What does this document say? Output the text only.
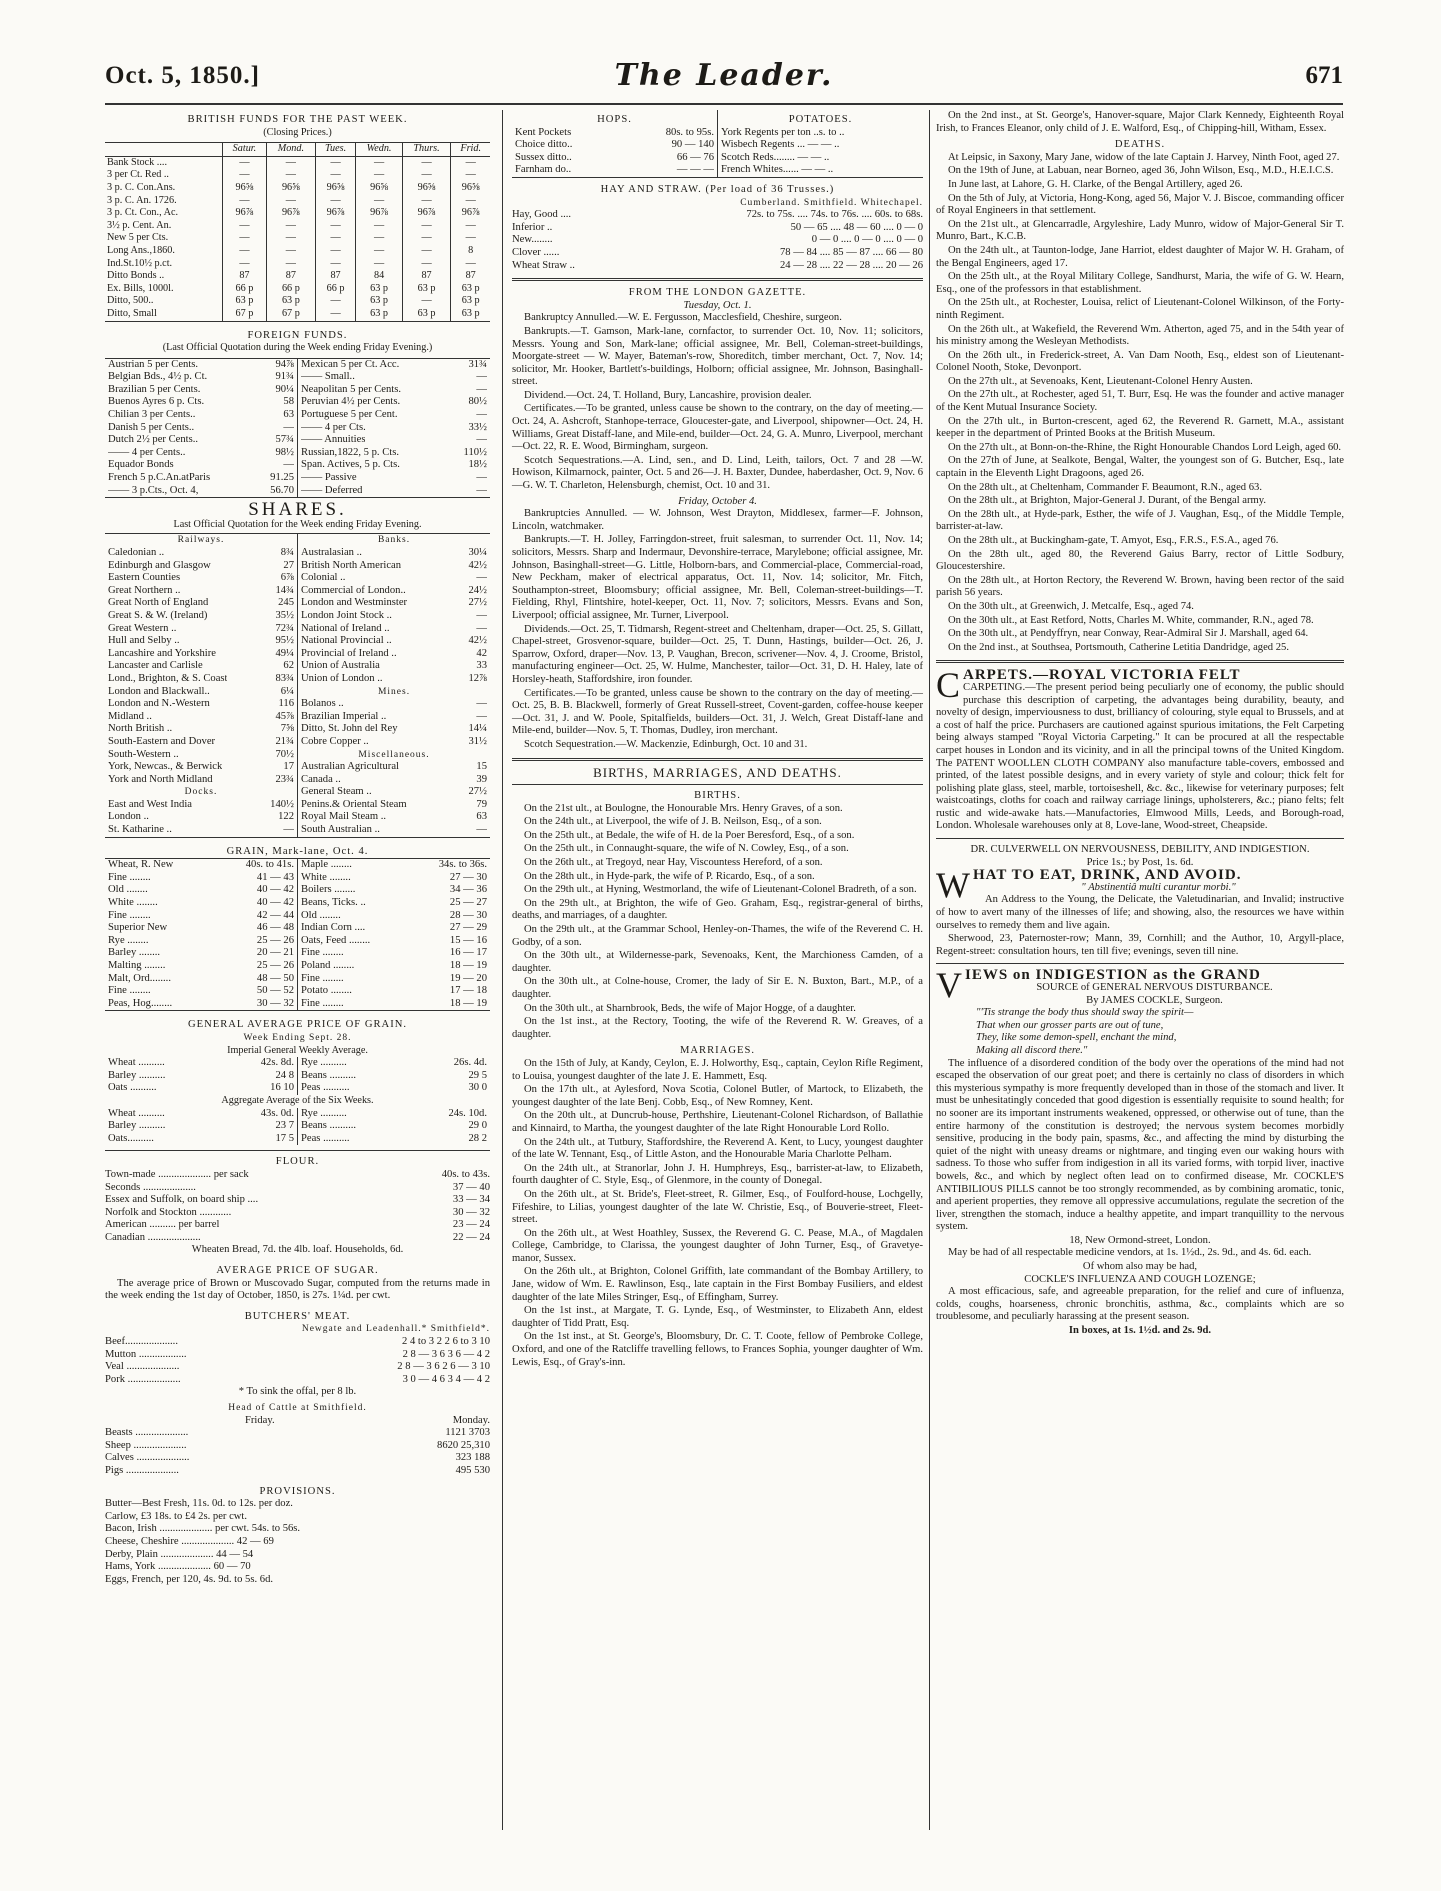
Oct. 5, 1850.]	The Leader.	671
BRITISH FUNDS FOR THE PAST WEEK.
(Closing Prices.)
	Satur.	Mond.	Tues.	Wedn.	Thurs.	Frid.
Bank Stock ....	—	—	—	—	—	—
3 per Ct. Red ..	—	—	—	—	—	—
3 p. C. Con.Ans.	96⅝	96⅝	96⅝	96⅝	96⅝	96⅝
3 p. C. An. 1726.	—	—	—	—	—	—
3 p. Ct. Con., Ac.	96⅞	96⅞	96⅞	96⅞	96⅞	96⅞
3½ p. Cent. An.	—	—	—	—	—	—
New 5 per Cts.	—	—	—	—	—	—
Long Ans.,1860.	—	—	—	—	—	8
Ind.St.10½ p.ct.	—	—	—	—	—	—
Ditto Bonds ..	87	87	87	84	87	87
Ex. Bills, 1000l.	66 p	66 p	66 p	63 p	63 p	63 p
Ditto, 500..	63 p	63 p	—	63 p	—	63 p
Ditto, Small	67 p	67 p	—	63 p	63 p	63 p
FOREIGN FUNDS.
(Last Official Quotation during the Week ending Friday Evening.)
Austrian 5 per Cents.	94⅞
Belgian Bds., 4½ p. Ct.	91¾
Brazilian 5 per Cents.	90¼
Buenos Ayres 6 p. Cts.	58
Chilian 3 per Cents..	63
Danish 5 per Cents..	—
Dutch 2½ per Cents..	57¾
—— 4 per Cents..	98½
Equador Bonds	—
French 5 p.C.An.atParis	91.25
—— 3 p.Cts., Oct. 4,	56.70
Mexican 5 per Ct. Acc.	31¾
—— Small..	—
Neapolitan 5 per Cents.	—
Peruvian 4½ per Cents.	80½
Portuguese 5 per Cent.	—
—— 4 per Cts.	33½
—— Annuities	—
Russian,1822, 5 p. Cts.	110½
Span. Actives, 5 p. Cts.	18½
—— Passive	—
—— Deferred	—
SHARES.
Last Official Quotation for the Week ending Friday Evening.
Railways.
Caledonian ..	8¾
Edinburgh and Glasgow	27
Eastern Counties	6⅞
Great Northern ..	14¾
Great North of England	245
Great S. & W. (Ireland)	35½
Great Western ..	72¾
Hull and Selby ..	95½
Lancashire and Yorkshire	49¼
Lancaster and Carlisle	62
Lond., Brighton, & S. Coast	83¾
London and Blackwall..	6¼
London and N.-Western	116
Midland ..	45⅞
North British ..	7⅝
South-Eastern and Dover	21¾
South-Western ..	70½
York, Newcas., & Berwick	17
York and North Midland	23¾
Docks.
East and West India	140½
London ..	122
St. Katharine ..	—
Banks.
Australasian ..	30¼
British North American	42½
Colonial ..	—
Commercial of London..	24½
London and Westminster	27½
London Joint Stock ..	—
National of Ireland ..	—
National Provincial ..	42½
Provincial of Ireland ..	42
Union of Australia	33
Union of London ..	12⅞
Mines.
Bolanos ..	—
Brazilian Imperial ..	—
Ditto, St. John del Rey	14¼
Cobre Copper ..	31½
Miscellaneous.
Australian Agricultural	15
Canada ..	39
General Steam ..	27½
Penins.& Oriental Steam	79
Royal Mail Steam ..	63
South Australian ..	—
GRAIN, Mark-lane, Oct. 4.
Wheat, R. New	40s. to 41s.
Fine ........	41 — 43
Old ........	40 — 42
White ........	40 — 42
Fine ........	42 — 44
Superior New	46 — 48
Rye ........	25 — 26
Barley ........	20 — 21
Malting ........	25 — 26
Malt, Ord........	48 — 50
Fine ........	50 — 52
Peas, Hog........	30 — 32
Maple ........	34s. to 36s.
White ........	27 — 30
Boilers ........	34 — 36
Beans, Ticks. ..	25 — 27
Old ........	28 — 30
Indian Corn ....	27 — 29
Oats, Feed ........	15 — 16
Fine ........	16 — 17
Poland ........	18 — 19
Fine ........	19 — 20
Potato ........	17 — 18
Fine ........	18 — 19
GENERAL AVERAGE PRICE OF GRAIN.
Week Ending Sept. 28.
Imperial General Weekly Average.
Wheat ..........	42s. 8d. Rye ..........	26s. 4d.
Barley ..........	24 8 Beans ..........	29 5
Oats ..........	16 10 Peas ..........	30 0
Aggregate Average of the Six Weeks.
Wheat ..........	43s. 0d. Rye ..........	24s. 10d.
Barley ..........	23 7 Beans ..........	29 0
Oats..........	17 5 Peas ..........	28 2
FLOUR.
Town-made .................... per sack	40s. to 43s.
Seconds ....................	37 — 40
Essex and Suffolk, on board ship ....	33 — 34
Norfolk and Stockton ............	30 — 32
American .......... per barrel	23 — 24
Canadian ....................	22 — 24
Wheaten Bread, 7d. the 4lb. loaf. Households, 6d.
AVERAGE PRICE OF SUGAR.
The average price of Brown or Muscovado Sugar, computed from the returns made in the week ending the 1st day of October, 1850, is 27s. 1¼d. per cwt.
BUTCHERS' MEAT.
Newgate and Leadenhall.* Smithfield*.
Beef....................	2 4 to 3 2 2 6 to 3 10
Mutton ..................	2 8 — 3 6 3 6 — 4 2
Veal ....................	2 8 — 3 6 2 6 — 3 10
Pork ....................	3 0 — 4 6 3 4 — 4 2
* To sink the offal, per 8 lb.
Head of Cattle at Smithfield.
Friday.	Monday.
Beasts ....................	1121 3703
Sheep ....................	8620 25,310
Calves ....................	323 188
Pigs ....................	495 530
PROVISIONS.
Butter—Best Fresh, 11s. 0d. to 12s. per doz.
Carlow, £3 18s. to £4 2s. per cwt.
Bacon, Irish .................... per cwt. 54s. to 56s.
Cheese, Cheshire .................... 42 — 69
Derby, Plain .................... 44 — 54
Hams, York .................... 60 — 70
Eggs, French, per 120, 4s. 9d. to 5s. 6d.
HOPS.
Kent Pockets	80s. to 95s.
Choice ditto..	90 — 140
Sussex ditto..	66 — 76
Farnham do..	— — —
POTATOES.
York Regents per ton ..s. to ..
Wisbech Regents ... — — ..
Scotch Reds........ — — ..
French Whites...... — — ..
HAY AND STRAW. (Per load of 36 Trusses.)
Cumberland. Smithfield. Whitechapel.
Hay, Good ....	72s. to 75s. .... 74s. to 76s. .... 60s. to 68s.
Inferior ..	50 — 65 .... 48 — 60 .... 0 — 0
New........	0 — 0 .... 0 — 0 .... 0 — 0
Clover ......	78 — 84 .... 85 — 87 .... 66 — 80
Wheat Straw ..	24 — 28 .... 22 — 28 .... 20 — 26
FROM THE LONDON GAZETTE.
Tuesday, Oct. 1.
Bankruptcy Annulled.—W. E. Fergusson, Macclesfield, Cheshire, surgeon.
Bankrupts.—T. Gamson, Mark-lane, cornfactor, to surrender Oct. 10, Nov. 11; solicitors, Messrs. Young and Son, Mark-lane; official assignee, Mr. Bell, Coleman-street-buildings, Moorgate-street — W. Mayer, Bateman's-row, Shoreditch, timber merchant, Oct. 7, Nov. 14; solicitor, Mr. Hooker, Bartlett's-buildings, Holborn; official assignee, Mr. Johnson, Basinghall-street.
Dividend.—Oct. 24, T. Holland, Bury, Lancashire, provision dealer.
Certificates.—To be granted, unless cause be shown to the contrary, on the day of meeting.—Oct. 24, A. Ashcroft, Stanhope-terrace, Gloucester-gate, and Liverpool, shipowner—Oct. 24, H. Williams, Great Distaff-lane, and Mile-end, builder—Oct. 24, G. A. Munro, Liverpool, merchant—Oct. 22, R. E. Wood, Birmingham, surgeon.
Scotch Sequestrations.—A. Lind, sen., and D. Lind, Leith, tailors, Oct. 7 and 28 —W. Howison, Kilmarnock, painter, Oct. 5 and 26—J. H. Baxter, Dundee, haberdasher, Oct. 9, Nov. 6—G. W. T. Charleton, Helensburgh, chemist, Oct. 10 and 31.
Friday, October 4.
Bankruptcies Annulled. — W. Johnson, West Drayton, Middlesex, farmer—F. Johnson, Lincoln, watchmaker.
Bankrupts.—T. H. Jolley, Farringdon-street, fruit salesman, to surrender Oct. 11, Nov. 14; solicitors, Messrs. Sharp and Indermaur, Devonshire-terrace, Marylebone; official assignee, Mr. Johnson, Basinghall-street—G. Little, Holborn-bars, and Commercial-place, Commercial-road, New Peckham, maker of electrical apparatus, Oct. 11, Nov. 14; solicitor, Mr. Fitch, Southampton-street, Bloomsbury; official assignee, Mr. Bell, Coleman-street-buildings—T. Fielding, Rhyl, Flintshire, hotel-keeper, Oct. 11, Nov. 7; solicitors, Messrs. Evans and Son, Liverpool; official assignee, Mr. Turner, Liverpool.
Dividends.—Oct. 25, T. Tidmarsh, Regent-street and Cheltenham, draper—Oct. 25, S. Gillatt, Chapel-street, Grosvenor-square, builder—Oct. 25, T. Dunn, Hastings, builder—Oct. 26, J. Sparrow, Oxford, draper—Nov. 13, P. Vaughan, Brecon, scrivener—Nov. 4, J. Croome, Bristol, manufacturing engineer—Oct. 25, W. Hulme, Manchester, tailor—Oct. 31, D. H. Haley, late of Horsley-heath, Staffordshire, iron founder.
Certificates.—To be granted, unless cause be shown to the contrary on the day of meeting.—Oct. 25, B. B. Blackwell, formerly of Great Russell-street, Covent-garden, coffee-house keeper—Oct. 31, J. and W. Poole, Spitalfields, builders—Oct. 31, J. Welch, Great Distaff-lane and Mile-end, builder—Nov. 5, T. Thomas, Dudley, iron merchant.
Scotch Sequestration.—W. Mackenzie, Edinburgh, Oct. 10 and 31.
BIRTHS, MARRIAGES, AND DEATHS.
BIRTHS.
On the 21st ult., at Boulogne, the Honourable Mrs. Henry Graves, of a son.
On the 24th ult., at Liverpool, the wife of J. B. Neilson, Esq., of a son.
On the 25th ult., at Bedale, the wife of H. de la Poer Beresford, Esq., of a son.
On the 25th ult., in Connaught-square, the wife of N. Cowley, Esq., of a son.
On the 26th ult., at Tregoyd, near Hay, Viscountess Hereford, of a son.
On the 28th ult., in Hyde-park, the wife of P. Ricardo, Esq., of a son.
On the 29th ult., at Hyning, Westmorland, the wife of Lieutenant-Colonel Bradreth, of a son.
On the 29th ult., at Brighton, the wife of Geo. Graham, Esq., registrar-general of births, deaths, and marriages, of a daughter.
On the 29th ult., at the Grammar School, Henley-on-Thames, the wife of the Reverend C. H. Godby, of a son.
On the 30th ult., at Wildernesse-park, Sevenoaks, Kent, the Marchioness Camden, of a daughter.
On the 30th ult., at Colne-house, Cromer, the lady of Sir E. N. Buxton, Bart., M.P., of a daughter.
On the 30th ult., at Sharnbrook, Beds, the wife of Major Hogge, of a daughter.
On the 1st inst., at the Rectory, Tooting, the wife of the Reverend R. W. Greaves, of a daughter.
MARRIAGES.
On the 15th of July, at Kandy, Ceylon, E. J. Holworthy, Esq., captain, Ceylon Rifle Regiment, to Louisa, youngest daughter of the late J. E. Hammett, Esq.
On the 17th ult., at Aylesford, Nova Scotia, Colonel Butler, of Martock, to Elizabeth, the youngest daughter of the late Benj. Cobb, Esq., of New Romney, Kent.
On the 20th ult., at Duncrub-house, Perthshire, Lieutenant-Colonel Richardson, of Ballathie and Kinnaird, to Martha, the youngest daughter of the late Right Honourable Lord Rollo.
On the 24th ult., at Tutbury, Staffordshire, the Reverend A. Kent, to Lucy, youngest daughter of the late W. Tennant, Esq., of Little Aston, and the Honourable Maria Charlotte Pelham.
On the 24th ult., at Stranorlar, John J. H. Humphreys, Esq., barrister-at-law, to Elizabeth, fourth daughter of C. Style, Esq., of Glenmore, in the county of Donegal.
On the 26th ult., at St. Bride's, Fleet-street, R. Gilmer, Esq., of Foulford-house, Lochgelly, Fifeshire, to Lilias, youngest daughter of the late W. Christie, Esq., of Bouverie-street, Fleet-street.
On the 26th ult., at West Hoathley, Sussex, the Reverend G. C. Pease, M.A., of Magdalen College, Cambridge, to Clarissa, the youngest daughter of John Turner, Esq., of Gravetye-manor, Sussex.
On the 26th ult., at Brighton, Colonel Griffith, late commandant of the Bombay Artillery, to Jane, widow of Wm. E. Rawlinson, Esq., late captain in the First Bombay Fusiliers, and eldest daughter of the late Miles Stringer, Esq., of Effingham, Surrey.
On the 1st inst., at Margate, T. G. Lynde, Esq., of Westminster, to Elizabeth Ann, eldest daughter of Tidd Pratt, Esq.
On the 1st inst., at St. George's, Bloomsbury, Dr. C. T. Coote, fellow of Pembroke College, Oxford, and one of the Ratcliffe travelling fellows, to Frances Sophia, younger daughter of Wm. Lewis, Esq., of Gray's-inn.
On the 2nd inst., at St. George's, Hanover-square, Major Clark Kennedy, Eighteenth Royal Irish, to Frances Eleanor, only child of J. E. Walford, Esq., of Chipping-hill, Witham, Essex.
DEATHS.
At Leipsic, in Saxony, Mary Jane, widow of the late Captain J. Harvey, Ninth Foot, aged 27.
On the 19th of June, at Labuan, near Borneo, aged 36, John Wilson, Esq., M.D., H.E.I.C.S.
In June last, at Lahore, G. H. Clarke, of the Bengal Artillery, aged 26.
On the 5th of July, at Victoria, Hong-Kong, aged 56, Major V. J. Biscoe, commanding officer of Royal Engineers in that settlement.
On the 21st ult., at Glencarradle, Argyleshire, Lady Munro, widow of Major-General Sir T. Munro, Bart., K.C.B.
On the 24th ult., at Taunton-lodge, Jane Harriot, eldest daughter of Major W. H. Graham, of the Bengal Engineers, aged 17.
On the 25th ult., at the Royal Military College, Sandhurst, Maria, the wife of G. W. Hearn, Esq., one of the professors in that establishment.
On the 25th ult., at Rochester, Louisa, relict of Lieutenant-Colonel Wilkinson, of the Forty-ninth Regiment.
On the 26th ult., at Wakefield, the Reverend Wm. Atherton, aged 75, and in the 54th year of his ministry among the Wesleyan Methodists.
On the 26th ult., in Frederick-street, A. Van Dam Nooth, Esq., eldest son of Lieutenant-Colonel Nooth, Stoke, Devonport.
On the 27th ult., at Sevenoaks, Kent, Lieutenant-Colonel Henry Austen.
On the 27th ult., at Rochester, aged 51, T. Burr, Esq. He was the founder and active manager of the Kent Mutual Insurance Society.
On the 27th ult., in Burton-crescent, aged 62, the Reverend R. Garnett, M.A., assistant keeper in the department of Printed Books at the British Museum.
On the 27th ult., at Bonn-on-the-Rhine, the Right Honourable Chandos Lord Leigh, aged 60.
On the 27th of June, at Sealkote, Bengal, Walter, the youngest son of G. Butcher, Esq., late captain in the Eleventh Light Dragoons, aged 26.
On the 28th ult., at Cheltenham, Commander F. Beaumont, R.N., aged 63.
On the 28th ult., at Brighton, Major-General J. Durant, of the Bengal army.
On the 28th ult., at Hyde-park, Esther, the wife of J. Vaughan, Esq., of the Middle Temple, barrister-at-law.
On the 28th ult., at Buckingham-gate, T. Amyot, Esq., F.R.S., F.S.A., aged 76.
On the 28th ult., aged 80, the Reverend Gaius Barry, rector of Little Sodbury, Gloucestershire.
On the 28th ult., at Horton Rectory, the Reverend W. Brown, having been rector of the said parish 56 years.
On the 30th ult., at Greenwich, J. Metcalfe, Esq., aged 74.
On the 30th ult., at East Retford, Notts, Charles M. White, commander, R.N., aged 78.
On the 30th ult., at Pendyffryn, near Conway, Rear-Admiral Sir J. Marshall, aged 64.
On the 2nd inst., at Southsea, Portsmouth, Catherine Letitia Dandridge, aged 25.
C ARPETS.—ROYAL VICTORIA FELT
CARPETING.—The present period being peculiarly one of economy, the public should purchase this description of carpeting, the advantages being durability, beauty, and novelty of design, imperviousness to dust, brilliancy of colouring, style equal to Brussels, and at a cost of half the price. Purchasers are cautioned against spurious imitations, the Felt Carpeting being always stamped "Royal Victoria Carpeting." It can be procured at all the respectable carpet houses in London and its vicinity, and in all the principal towns of the United Kingdom. The PATENT WOOLLEN CLOTH COMPANY also manufacture table-covers, embossed and printed, of the latest possible designs, and in every variety of style and colour; thick felt for polishing plate glass, steel, marble, tortoiseshell, &c. &c., likewise for veterinary purposes; felt waistcoatings, cloths for coach and railway carriage linings, upholsterers, &c.; piano felts; felt rustic and wide-awake hats.—Manufactories, Elmwood Mills, Leeds, and Borough-road, London. Wholesale warehouses only at 8, Love-lane, Wood-street, Cheapside.
DR. CULVERWELL ON NERVOUSNESS, DEBILITY, AND INDIGESTION.
Price 1s.; by Post, 1s. 6d.
W HAT TO EAT, DRINK, AND AVOID.
" Abstinentiâ multi curantur morbi."
An Address to the Young, the Delicate, the Valetudinarian, and Invalid; instructive of how to avert many of the illnesses of life; and showing, also, the resources we have within ourselves to remedy them and live again.
Sherwood, 23, Paternoster-row; Mann, 39, Cornhill; and the Author, 10, Argyll-place, Regent-street: consultation hours, ten till five; evenings, seven till nine.
V IEWS on INDIGESTION as the GRAND
SOURCE of GENERAL NERVOUS DISTURBANCE.
By JAMES COCKLE, Surgeon.
"'Tis strange the body thus should sway the spirit—
That when our grosser parts are out of tune,
They, like some demon-spell, enchant the mind,
Making all discord there."
The influence of a disordered condition of the body over the operations of the mind had not escaped the observation of our great poet; and there is certainly no class of disorders in which this mysterious sympathy is more frequently developed than in those of the stomach and liver. It must be unhesitatingly conceded that good digestion is essentially requisite to sound health; for no sooner are its important instruments weakened, oppressed, or otherwise out of tune, than the entire harmony of the constitution is destroyed; the nervous system becomes morbidly sensitive, producing in the body pain, spasms, &c., and affecting the mind by disturbing the quiet of the night with uneasy dreams or nightmare, and tinging even our waking hours with sadness. To those who suffer from indigestion in all its varied forms, with torpid liver, inactive bowels, &c., and which by neglect often lead on to confirmed disease, Mr. COCKLE'S ANTIBILIOUS PILLS cannot be too strongly recommended, as by combining aromatic, tonic, and aperient properties, they remove all oppressive accumulations, regulate the secretion of the liver, strengthen the stomach, induce a healthy appetite, and impart tranquillity to the nervous system.
18, New Ormond-street, London.
May be had of all respectable medicine vendors, at 1s. 1½d., 2s. 9d., and 4s. 6d. each.
Of whom also may be had,
COCKLE'S INFLUENZA AND COUGH LOZENGE;
A most efficacious, safe, and agreeable preparation, for the relief and cure of influenza, colds, coughs, hoarseness, chronic bronchitis, asthma, &c., complaints which are so troublesome, and peculiarly harassing at the present season.
In boxes, at 1s. 1½d. and 2s. 9d.
